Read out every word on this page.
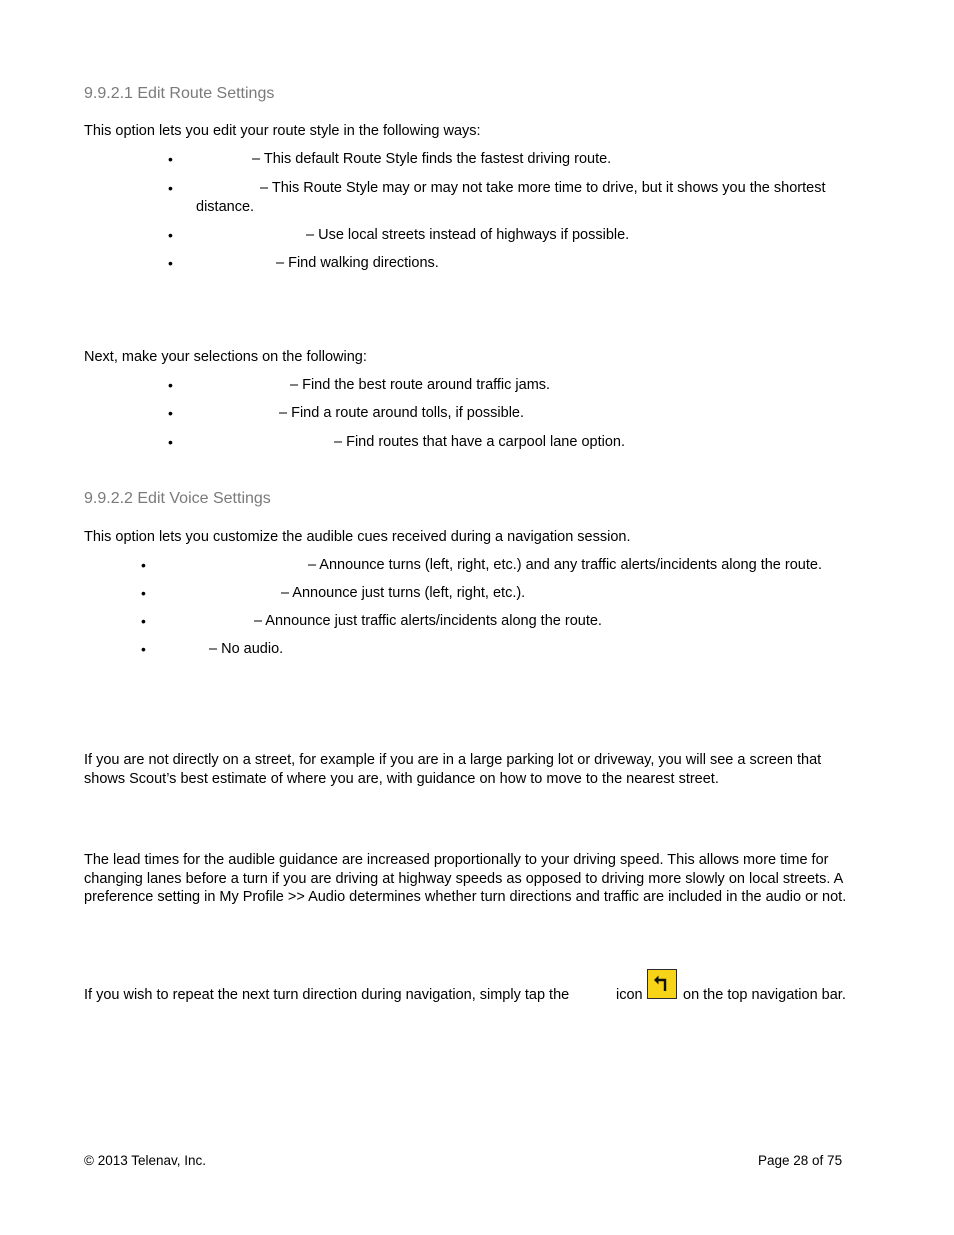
9.9.2.1 Edit Route Settings
This option lets you edit your route style in the following ways:
•	– This default Route Style finds the fastest driving route.
•	– This Route Style may or may not take more time to drive, but it shows you the shortest distance.
•	– Use local streets instead of highways if possible.
•	– Find walking directions.
Next, make your selections on the following:
•	– Find the best route around traffic jams.
•	– Find a route around tolls, if possible.
•	– Find routes that have a carpool lane option.
9.9.2.2 Edit Voice Settings
This option lets you customize the audible cues received during a navigation session.
•	– Announce turns (left, right, etc.) and any traffic alerts/incidents along the route.
•	– Announce just turns (left, right, etc.).
•	– Announce just traffic alerts/incidents along the route.
•	– No audio.
If you are not directly on a street, for example if you are in a large parking lot or driveway, you will see a screen that shows Scout’s best estimate of where you are, with guidance on how to move to the nearest street.
The lead times for the audible guidance are increased proportionally to your driving speed. This allows more time for changing lanes before a turn if you are driving at highway speeds as opposed to driving more slowly on local streets. A preference setting in My Profile >> Audio determines whether turn directions and traffic are included in the audio or not.
If you wish to repeat the next turn direction during navigation, simply tap the	icon	on the top navigation bar.
© 2013 Telenav, Inc.	Page 28 of 75
